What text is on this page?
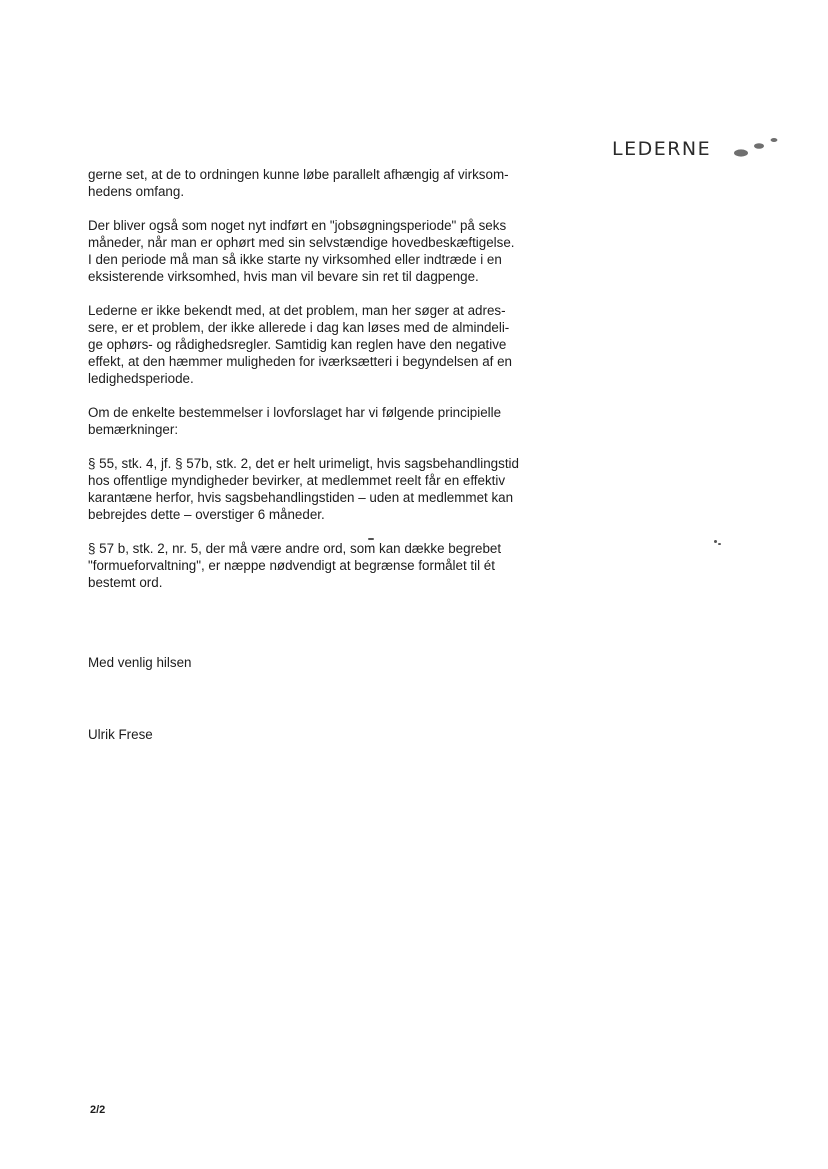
LEDERNE

gerne set, at de to ordningen kunne løbe parallelt afhængig af virksom-
hedens omfang.

Der bliver også som noget nyt indført en "jobsøgningsperiode" på seks
måneder, når man er ophørt med sin selvstændige hovedbeskæftigelse.
I den periode må man så ikke starte ny virksomhed eller indtræde i en
eksisterende virksomhed, hvis man vil bevare sin ret til dagpenge.

Lederne er ikke bekendt med, at det problem, man her søger at adres-
sere, er et problem, der ikke allerede i dag kan løses med de almindeli-
ge ophørs- og rådighedsregler. Samtidig kan reglen have den negative
effekt, at den hæmmer muligheden for iværksætteri i begyndelsen af en
ledighedsperiode.

Om de enkelte bestemmelser i lovforslaget har vi følgende principielle
bemærkninger:

§ 55, stk. 4, jf. § 57b, stk. 2, det er helt urimeligt, hvis sagsbehandlingstid
hos offentlige myndigheder bevirker, at medlemmet reelt får en effektiv
karantæne herfor, hvis sagsbehandlingstiden – uden at medlemmet kan
bebrejdes dette – overstiger 6 måneder.

§ 57 b, stk. 2, nr. 5, der må være andre ord, som kan dække begrebet
"formueforvaltning", er næppe nødvendigt at begrænse formålet til ét
bestemt ord.

Med venlig hilsen

Ulrik Frese

2/2
